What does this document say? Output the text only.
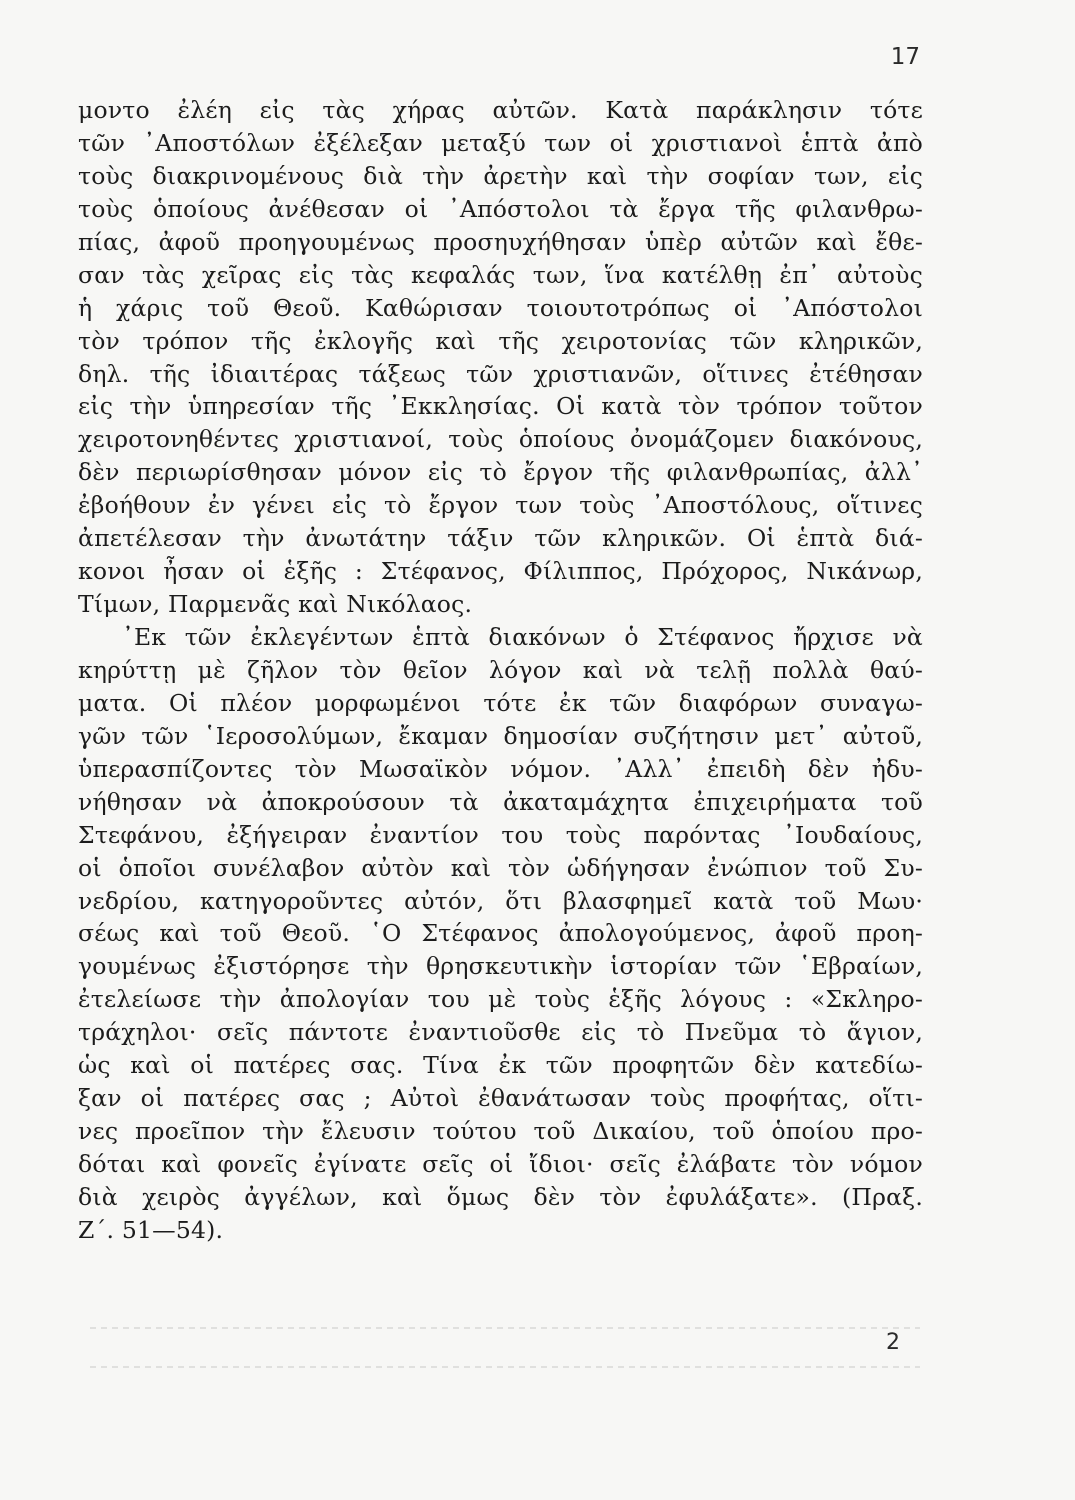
17
μοντο ἐλέη εἰς τὰς χήρας αὐτῶν. Κατὰ παράκλησιν τότε
τῶν ᾿Αποστόλων ἐξέλεξαν μεταξύ των οἱ χριστιανοὶ ἑπτὰ ἀπὸ
τοὺς διακρινομένους διὰ τὴν ἀρετὴν καὶ τὴν σοφίαν των, εἰς
τοὺς ὁποίους ἀνέθεσαν οἱ ᾿Απόστολοι τὰ ἔργα τῆς φιλανθρω-
πίας, ἀφοῦ προηγουμένως προσηυχήθησαν ὑπὲρ αὐτῶν καὶ ἔθε-
σαν τὰς χεῖρας εἰς τὰς κεφαλάς των, ἵνα κατέλθῃ ἐπ᾿ αὐτοὺς
ἡ χάρις τοῦ Θεοῦ. Καθώρισαν τοιουτοτρόπως οἱ ᾿Απόστολοι
τὸν τρόπον τῆς ἐκλογῆς καὶ τῆς χειροτονίας τῶν κληρικῶν,
δηλ. τῆς ἰδιαιτέρας τάξεως τῶν χριστιανῶν, οἵτινες ἐτέθησαν
εἰς τὴν ὑπηρεσίαν τῆς ᾿Εκκλησίας. Οἱ κατὰ τὸν τρόπον τοῦτον
χειροτονηθέντες χριστιανοί, τοὺς ὁποίους ὀνομάζομεν διακόνους,
δὲν περιωρίσθησαν μόνον εἰς τὸ ἔργον τῆς φιλανθρωπίας, ἀλλ᾿
ἐβοήθουν ἐν γένει εἰς τὸ ἔργον των τοὺς ᾿Αποστόλους, οἵτινες
ἀπετέλεσαν τὴν ἀνωτάτην τάξιν τῶν κληρικῶν. Οἱ ἑπτὰ διά-
κονοι ἦσαν οἱ ἑξῆς : Στέφανος, Φίλιππος, Πρόχορος, Νικάνωρ,
Τίμων, Παρμενᾶς καὶ Νικόλαος.
᾿Εκ τῶν ἐκλεγέντων ἑπτὰ διακόνων ὁ Στέφανος ἤρχισε νὰ
κηρύττῃ μὲ ζῆλον τὸν θεῖον λόγον καὶ νὰ τελῇ πολλὰ θαύ-
ματα. Οἱ πλέον μορφωμένοι τότε ἐκ τῶν διαφόρων συναγω-
γῶν τῶν ῾Ιεροσολύμων, ἔκαμαν δημοσίαν συζήτησιν μετ᾿ αὐτοῦ,
ὑπερασπίζοντες τὸν Μωσαϊκὸν νόμον. ᾿Αλλ᾿ ἐπειδὴ δὲν ἠδυ-
νήθησαν νὰ ἀποκρούσουν τὰ ἀκαταμάχητα ἐπιχειρήματα τοῦ
Στεφάνου, ἐξήγειραν ἐναντίον του τοὺς παρόντας ᾿Ιουδαίους,
οἱ ὁποῖοι συνέλαβον αὐτὸν καὶ τὸν ὡδήγησαν ἐνώπιον τοῦ Συ-
νεδρίου, κατηγοροῦντες αὐτόν, ὅτι βλασφημεῖ κατὰ τοῦ Μωυ·
σέως καὶ τοῦ Θεοῦ. ῾Ο Στέφανος ἀπολογούμενος, ἀφοῦ προη-
γουμένως ἐξιστόρησε τὴν θρησκευτικὴν ἱστορίαν τῶν ῾Εβραίων,
ἐτελείωσε τὴν ἀπολογίαν του μὲ τοὺς ἑξῆς λόγους : «Σκληρο-
τράχηλοι· σεῖς πάντοτε ἐναντιοῦσθε εἰς τὸ Πνεῦμα τὸ ἅγιον,
ὡς καὶ οἱ πατέρες σας. Τίνα ἐκ τῶν προφητῶν δὲν κατεδίω-
ξαν οἱ πατέρες σας ; Αὐτοὶ ἐθανάτωσαν τοὺς προφήτας, οἵτι-
νες προεῖπον τὴν ἔλευσιν τούτου τοῦ Δικαίου, τοῦ ὁποίου προ-
δόται καὶ φονεῖς ἐγίνατε σεῖς οἱ ἴδιοι· σεῖς ἐλάβατε τὸν νόμον
διὰ χειρὸς ἀγγέλων, καὶ ὅμως δὲν τὸν ἐφυλάξατε». (Πραξ.
Ζ΄. 51—54).
2
